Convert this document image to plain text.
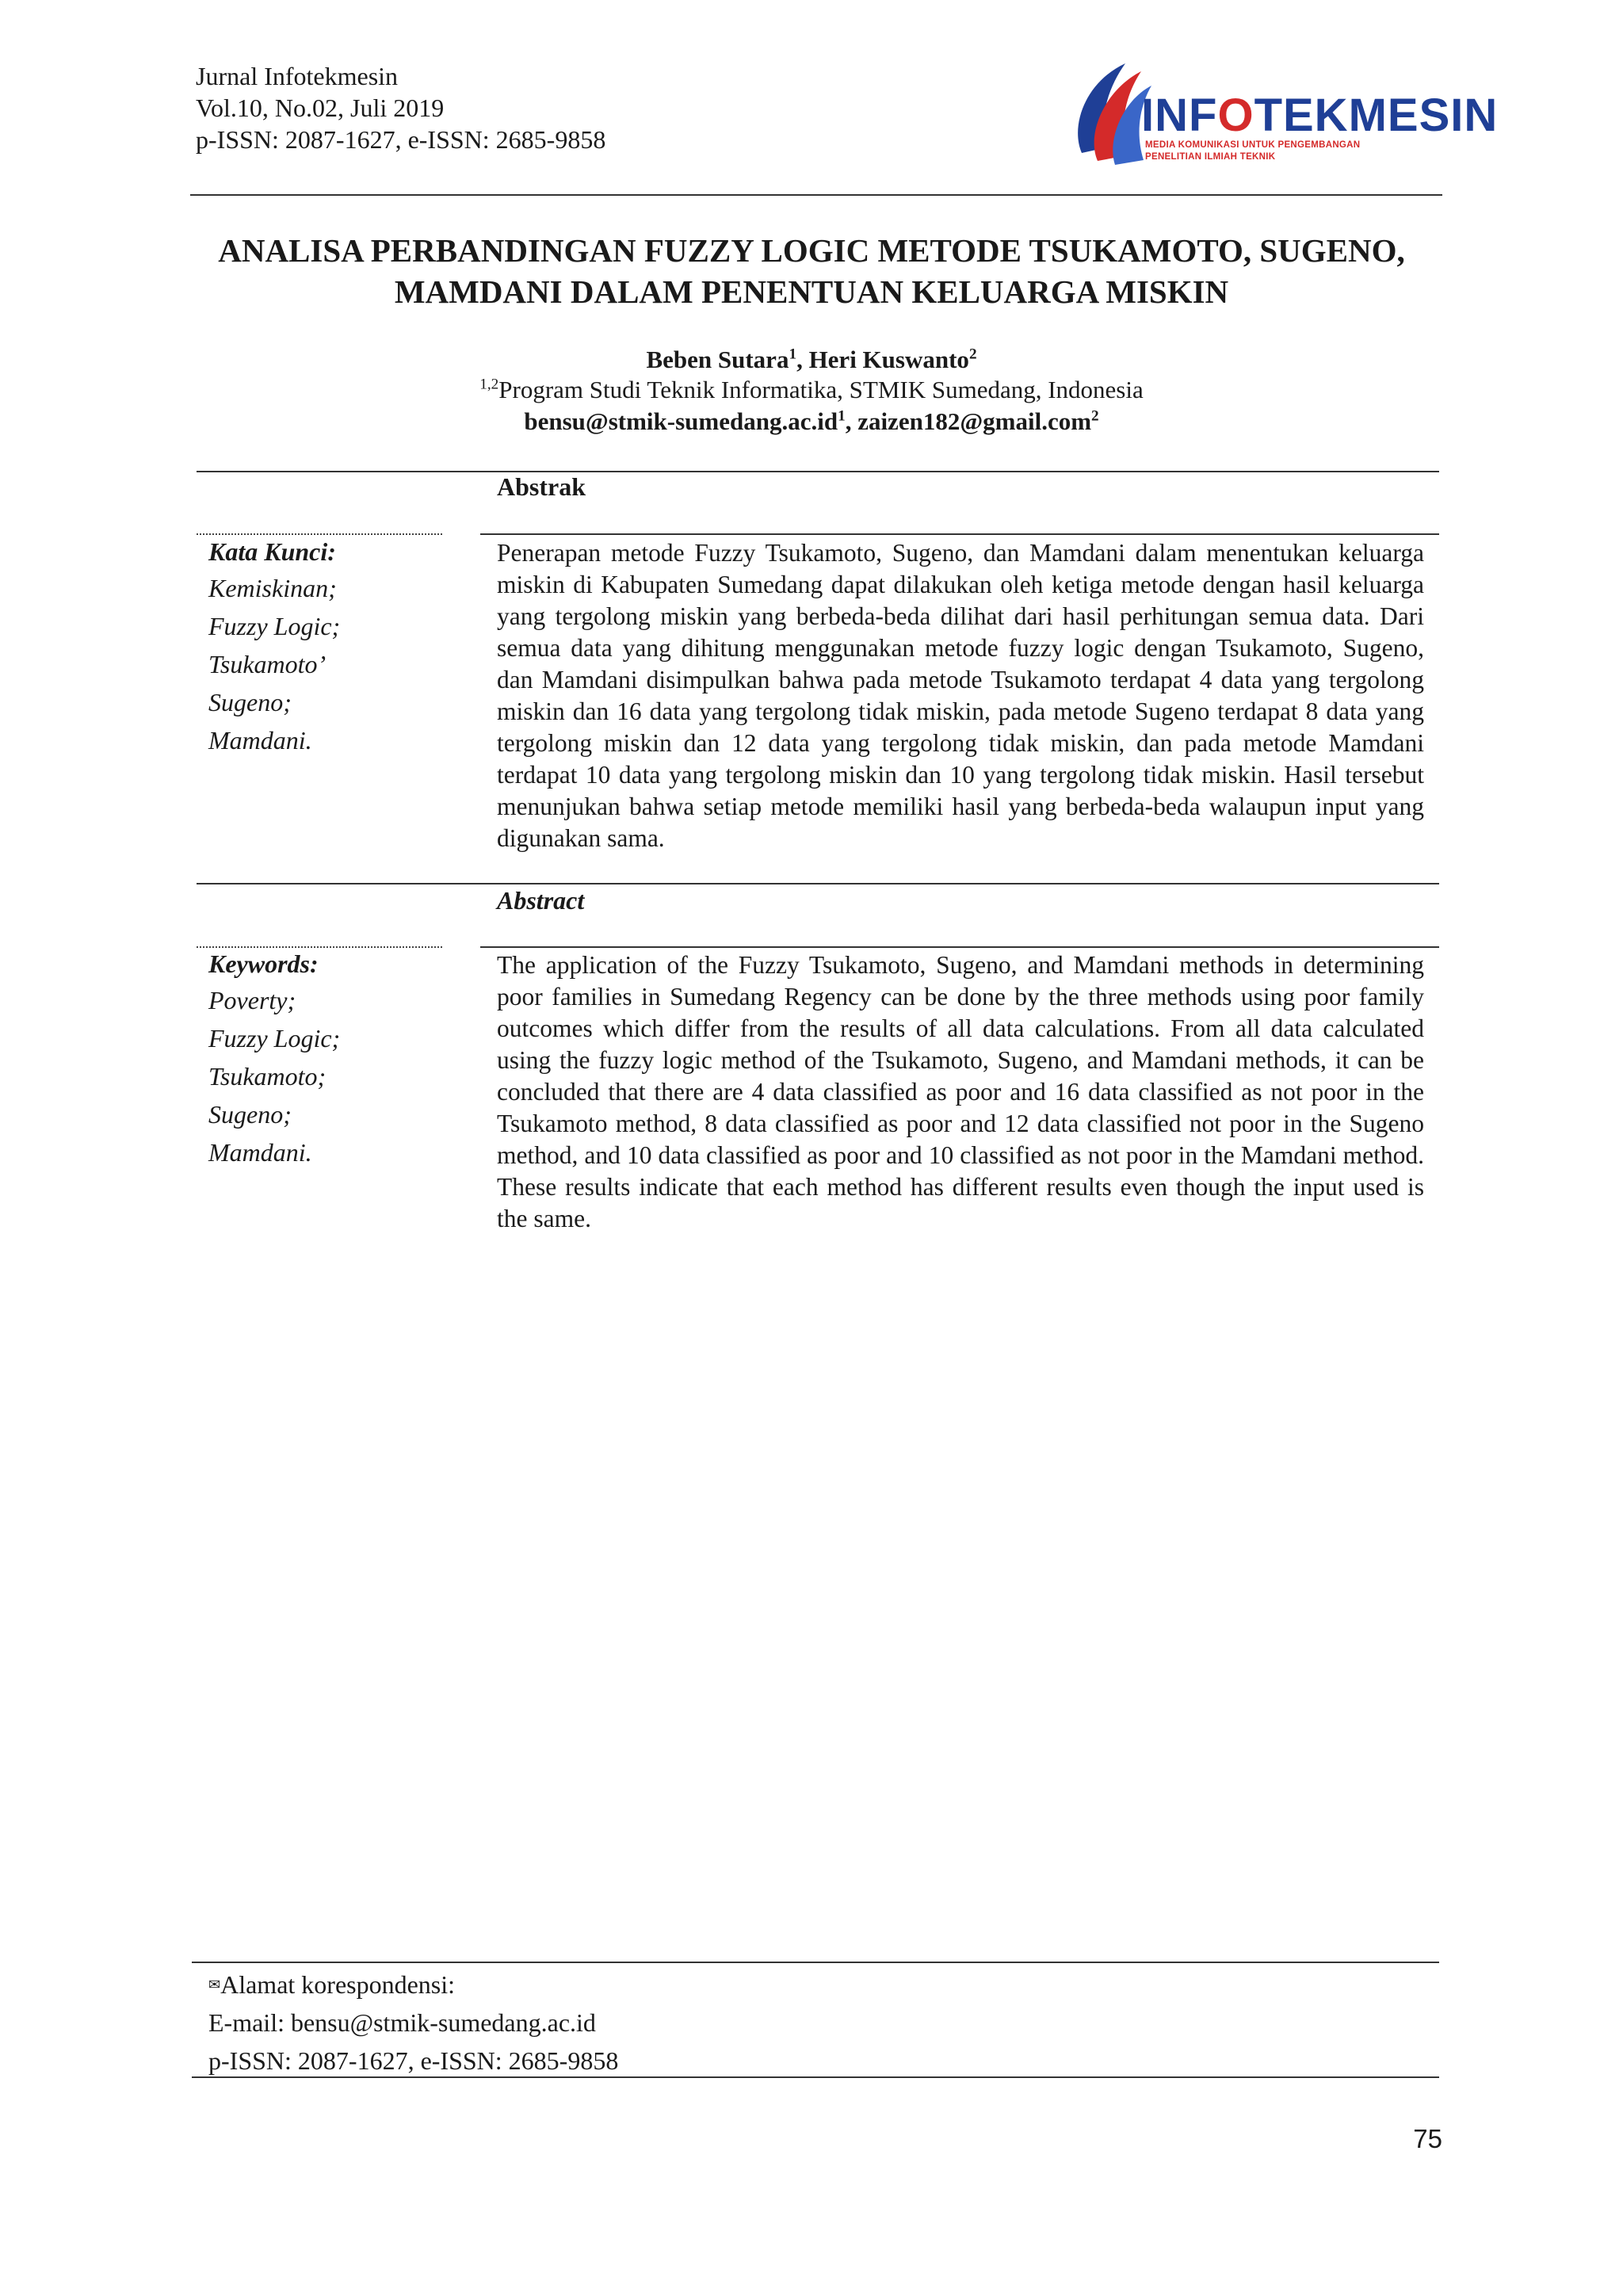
Jurnal Infotekmesin
Vol.10, No.02, Juli 2019
p-ISSN: 2087-1627, e-ISSN: 2685-9858	INFOTEKMESIN
MEDIA KOMUNIKASI UNTUK PENGEMBANGAN
PENELITIAN ILMIAH TEKNIK
ANALISA PERBANDINGAN FUZZY LOGIC METODE TSUKAMOTO, SUGENO,
MAMDANI DALAM PENENTUAN KELUARGA MISKIN
Beben Sutara$^1$, Heri Kuswanto$^2$
$^{1,2}$Program Studi Teknik Informatika, STMIK Sumedang, Indonesia
$bensu@stmik-sumedang.ac.id^1$, zaizen182@gmail.com$^2$
Abstrak
Kata Kunci:
Kemiskinan;
Fuzzy Logic;
Tsukamoto’
Sugeno;
Mamdani.
Penerapan metode Fuzzy Tsukamoto, Sugeno, dan Mamdani dalam menentukan keluarga miskin di Kabupaten Sumedang dapat dilakukan oleh ketiga metode dengan hasil keluarga yang tergolong miskin yang berbeda-beda dilihat dari hasil perhitungan semua data. Dari semua data yang dihitung menggunakan metode fuzzy logic dengan Tsukamoto, Sugeno, dan Mamdani disimpulkan bahwa pada metode Tsukamoto terdapat 4 data yang tergolong miskin dan 16 data yang tergolong tidak miskin, pada metode Sugeno terdapat 8 data yang tergolong miskin dan 12 data yang tergolong tidak miskin, dan pada metode Mamdani terdapat 10 data yang tergolong miskin dan 10 yang tergolong tidak miskin. Hasil tersebut menunjukan bahwa setiap metode memiliki hasil yang berbeda-beda walaupun input yang digunakan sama.
Abstract
Keywords:
Poverty;
Fuzzy Logic;
Tsukamoto;
Sugeno;
Mamdani.
The application of the Fuzzy Tsukamoto, Sugeno, and Mamdani methods in determining poor families in Sumedang Regency can be done by the three methods using poor family outcomes which differ from the results of all data calculations. From all data calculated using the fuzzy logic method of the Tsukamoto, Sugeno, and Mamdani methods, it can be concluded that there are 4 data classified as poor and 16 data classified as not poor in the Tsukamoto method, 8 data classified as poor and 12 data classified not poor in the Sugeno method, and 10 data classified as poor and 10 classified as not poor in the Mamdani method. These results indicate that each method has different results even though the input used is the same.
✉Alamat korespondensi:
E-mail: bensu@stmik-sumedang.ac.id
p-ISSN: 2087-1627, e-ISSN: 2685-9858
75
